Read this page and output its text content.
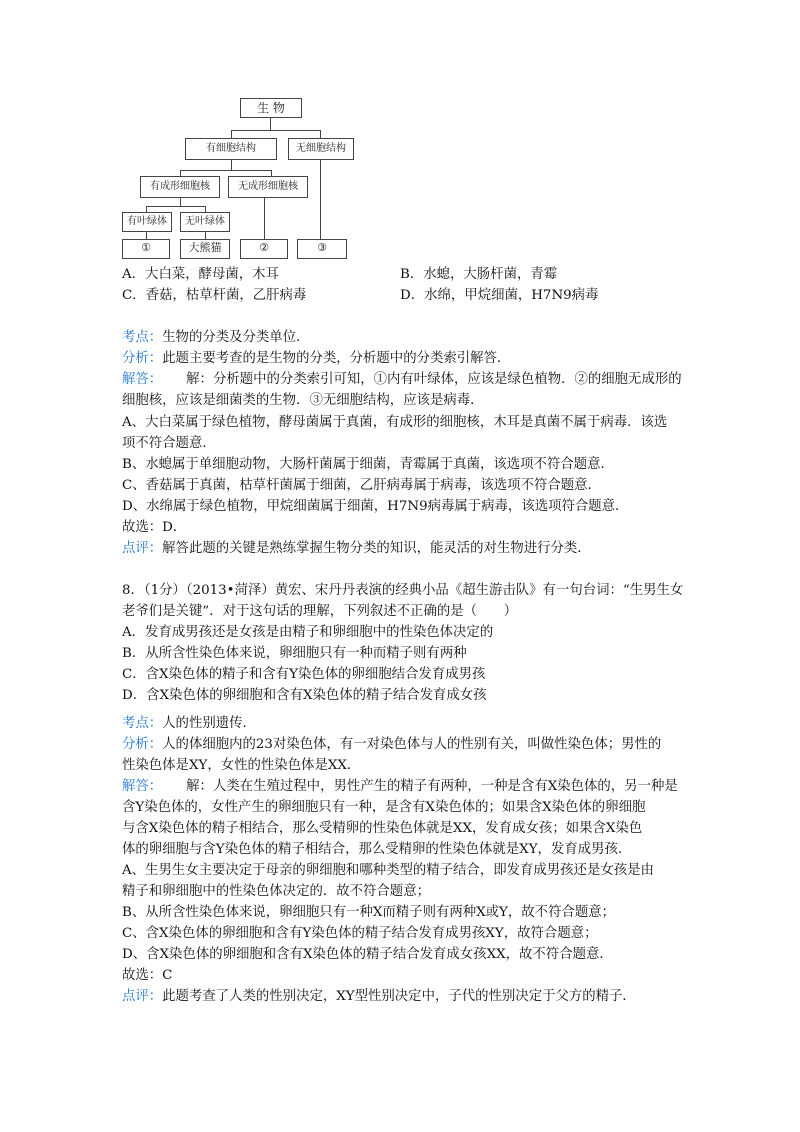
生 物
有细胞结构	无细胞结构
有成形细胞核	无成形细胞核
有叶绿体	无叶绿体
①	大熊猫	②	③
A．大白菜，酵母菌，木耳	B．水螅，大肠杆菌，青霉
C．香菇，枯草杆菌，乙肝病毒	D．水绵，甲烷细菌，H7N9病毒
考点：生物的分类及分类单位．
分析：此题主要考查的是生物的分类，分析题中的分类索引解答．
解答： 解：分析题中的分类索引可知，①内有叶绿体，应该是绿色植物．②的细胞无成形的
细胞核，应该是细菌类的生物．③无细胞结构，应该是病毒．
A、大白菜属于绿色植物，酵母菌属于真菌，有成形的细胞核，木耳是真菌不属于病毒．该选
项不符合题意．
B、水螅属于单细胞动物，大肠杆菌属于细菌，青霉属于真菌，该选项不符合题意．
C、香菇属于真菌，枯草杆菌属于细菌，乙肝病毒属于病毒，该选项不符合题意．
D、水绵属于绿色植物，甲烷细菌属于细菌，H7N9病毒属于病毒，该选项符合题意．
故选：D．
点评：解答此题的关键是熟练掌握生物分类的知识，能灵活的对生物进行分类．
8．（1分）（2013•菏泽）黄宏、宋丹丹表演的经典小品《超生游击队》有一句台词：“生男生女
老爷们是关键”．对于这句话的理解，下列叙述不正确的是（　　）
A．发育成男孩还是女孩是由精子和卵细胞中的性染色体决定的
B．从所含性染色体来说，卵细胞只有一种而精子则有两种
C．含X染色体的精子和含有Y染色体的卵细胞结合发育成男孩
D．含X染色体的卵细胞和含有X染色体的精子结合发育成女孩
考点：人的性别遗传．
分析：人的体细胞内的23对染色体，有一对染色体与人的性别有关，叫做性染色体；男性的
性染色体是XY，女性的性染色体是XX．
解答： 解：人类在生殖过程中，男性产生的精子有两种，一种是含有X染色体的，另一种是
含Y染色体的，女性产生的卵细胞只有一种，是含有X染色体的；如果含X染色体的卵细胞
与含X染色体的精子相结合，那么受精卵的性染色体就是XX，发育成女孩；如果含X染色
体的卵细胞与含Y染色体的精子相结合，那么受精卵的性染色体就是XY，发育成男孩．
A、生男生女主要决定于母亲的卵细胞和哪种类型的精子结合，即发育成男孩还是女孩是由
精子和卵细胞中的性染色体决定的．故不符合题意；
B、从所含性染色体来说，卵细胞只有一种X而精子则有两种X或Y，故不符合题意；
C、含X染色体的卵细胞和含有Y染色体的精子结合发育成男孩XY，故符合题意；
D、含X染色体的卵细胞和含有X染色体的精子结合发育成女孩XX，故不符合题意．
故选：C
点评：此题考查了人类的性别决定，XY型性别决定中，子代的性别决定于父方的精子．
